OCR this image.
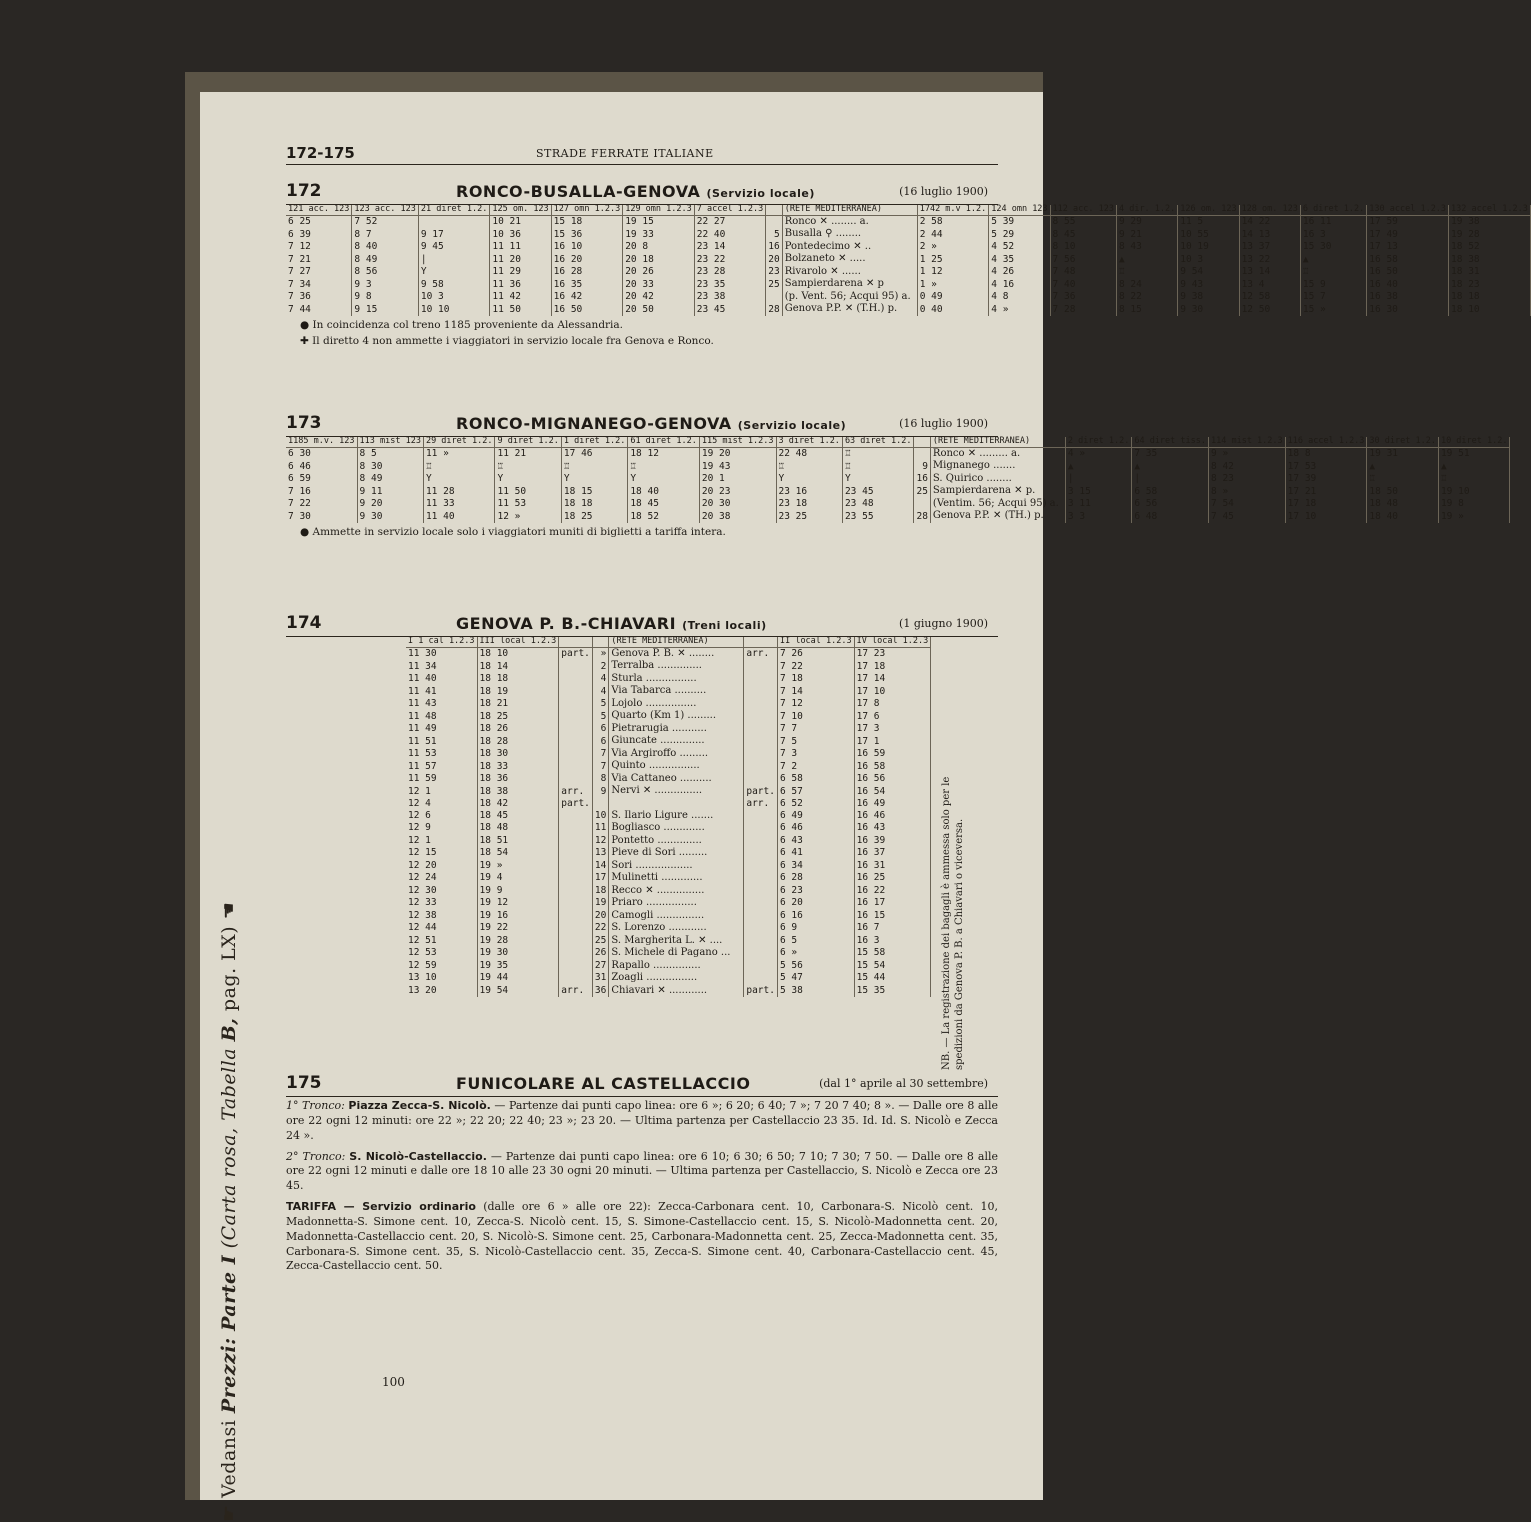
☛ Vedansi Prezzi: Parte I (Carta rosa, Tabella B, pag. LX) ☚
172-175	STRADE FERRATE ITALIANE
172	RONCO-BUSALLA-GENOVA (Servizio locale)	(16 luglio 1900)
121 acc. 123	123 acc. 123	21 diret 1.2.	125 om. 123	127 omn 1.2.3	129 omn 1.2.3	7 accel 1.2.3		(RETE MEDITERRANEA)	1742 m.v 1.2.	124 omn 123	112 acc. 123	4 dir. 1.2.	126 om. 123	128 om. 123	6 diret 1.2.	130 accel 1.2.3	132 accel 1.2.3
6 25	7 52		10 21	15 18	19 15	22 27		Ronco ✕ ........ a.	2 58	5 39	8 55	9 29	11 5	14 22	16 11	17 59	19 38
6 39	8 7	9 17	10 36	15 36	19 33	22 40	5	Busalla ⚲ ........	2 44	5 29	8 45	9 21	10 55	14 13	16 3	17 49	19 28
7 12	8 40	9 45	11 11	16 10	20 8	23 14	16	Pontedecimo ✕ ..	2 »	4 52	8 10	8 43	10 19	13 37	15 30	17 13	18 52
7 21	8 49	|	11 20	16 20	20 18	23 22	20	Bolzaneto ✕ .....	1 25	4 35	7 56	▲	10 3	13 22	▲	16 58	18 38
7 27	8 56	Y	11 29	16 28	20 26	23 28	23	Rivarolo ✕ ......	1 12	4 26	7 48	♖	9 54	13 14	♖	16 50	18 31
7 34	9 3	9 58	11 36	16 35	20 33	23 35	25	Sampierdarena ✕ p	1 »	4 16	7 40	8 24	9 43	13 4	15 9	16 40	18 23
7 36	9 8	10 3	11 42	16 42	20 42	23 38		(p. Vent. 56; Acqui 95) a.	0 49	4 8	7 36	8 22	9 38	12 58	15 7	16 38	18 18
7 44	9 15	10 10	11 50	16 50	20 50	23 45	28	Genova P.P. ✕ (T.H.) p.	0 40	4 »	7 28	8 15	9 30	12 50	15 »	16 30	18 10
● In coincidenza col treno 1185 proveniente da Alessandria.
✚ Il diretto 4 non ammette i viaggiatori in servizio locale fra Genova e Ronco.
173	RONCO-MIGNANEGO-GENOVA (Servizio locale)	(16 luglio 1900)
1185 m.v. 123	113 mist 123	29 diret 1.2.	9 diret 1.2.	1 diret 1.2.	61 diret 1.2.	115 mist 1.2.3	3 diret 1.2.	63 diret 1.2.		(RETE MEDITERRANEA)	2 diret 1.2.	64 diret tiss.	114 mist 1.2.3	116 accel 1.2.3	30 diret 1.2.	10 diret 1.2.
6 30	8 5	11 »	11 21	17 46	18 12	19 20	22 48	♖		Ronco ✕ ......... a.	4 »	7 35	9 »	18 8	19 31	19 51
6 46	8 30	♖	♖	♖	♖	19 43	♖	♖	9	Mignanego .......	▲	▲	8 42	17 53	▲	▲
6 59	8 49	Y	Y	Y	Y	20 1	Y	Y	16	S. Quirico ........	|	|	8 23	17 39	♖	♖
7 16	9 11	11 28	11 50	18 15	18 40	20 23	23 16	23 45	25	Sampierdarena ✕ p.	3 15	6 58	8 »	17 21	18 50	19 10
7 22	9 20	11 33	11 53	18 18	18 45	20 30	23 18	23 48		(Ventim. 56; Acqui 95) a.	3 11	6 56	7 54	17 18	18 48	19 8
7 30	9 30	11 40	12 »	18 25	18 52	20 38	23 25	23 55	28	Genova P.P. ✕ (TH.) p.	3 3	6 48	7 45	17 10	18 40	19 »
● Ammette in servizio locale solo i viaggiatori muniti di biglietti a tariffa intera.
174	GENOVA P. B.-CHIAVARI (Treni locali)	(1 giugno 1900)
I 1 cal 1.2.3	III local 1.2.3			(RETE MEDITERRANEA)		II local 1.2.3	IV local 1.2.3
11 30	18 10	part.	»	Genova P. B. ✕ ........	arr.	7 26	17 23
11 34	18 14		2	Terralba ..............		7 22	17 18
11 40	18 18		4	Sturla ................		7 18	17 14
11 41	18 19		4	Via Tabarca ..........		7 14	17 10
11 43	18 21		5	Lojolo ................		7 12	17 8
11 48	18 25		5	Quarto (Km 1) .........		7 10	17 6
11 49	18 26		6	Pietrarugia ...........		7 7	17 3
11 51	18 28		6	Giuncate ..............		7 5	17 1
11 53	18 30		7	Via Argiroffo .........		7 3	16 59
11 57	18 33		7	Quinto ................		7 2	16 58
11 59	18 36		8	Via Cattaneo ..........		6 58	16 56
12 1	18 38	arr.	9	Nervi ✕ ...............	part.	6 57	16 54
12 4	18 42	part.			arr.	6 52	16 49
12 6	18 45		10	S. Ilario Ligure .......		6 49	16 46
12 9	18 48		11	Bogliasco .............		6 46	16 43
12 1	18 51		12	Pontetto ..............		6 43	16 39
12 15	18 54		13	Pieve di Sori .........		6 41	16 37
12 20	19 »		14	Sori ..................		6 34	16 31
12 24	19 4		17	Mulinetti .............		6 28	16 25
12 30	19 9		18	Recco ✕ ...............		6 23	16 22
12 33	19 12		19	Priaro ................		6 20	16 17
12 38	19 16		20	Camogli ...............		6 16	16 15
12 44	19 22		22	S. Lorenzo ............		6 9	16 7
12 51	19 28		25	S. Margherita L. ✕ ....		6 5	16 3
12 53	19 30		26	S. Michele di Pagano ...		6 »	15 58
12 59	19 35		27	Rapallo ...............		5 56	15 54
13 10	19 44		31	Zoagli ................		5 47	15 44
13 20	19 54	arr.	36	Chiavari ✕ ............	part.	5 38	15 35	NB. — La registrazione dei bagagli è ammessa solo per le spedizioni da Genova P. B. a Chiavari o viceversa.
175	FUNICOLARE AL CASTELLACCIO	(dal 1° aprile al 30 settembre)

1° Tronco: Piazza Zecca-S. Nicolò. — Partenze dai punti capo linea: ore 6 »; 6 20; 6 40; 7 »; 7 20 7 40; 8 ». — Dalle ore 8 alle ore 22 ogni 12 minuti: ore 22 »; 22 20; 22 40; 23 »; 23 20. — Ultima partenza per Castellaccio 23 35. Id. Id. S. Nicolò e Zecca 24 ».

2° Tronco: S. Nicolò-Castellaccio. — Partenze dai punti capo linea: ore 6 10; 6 30; 6 50; 7 10; 7 30; 7 50. — Dalle ore 8 alle ore 22 ogni 12 minuti e dalle ore 18 10 alle 23 30 ogni 20 minuti. — Ultima partenza per Castellaccio, S. Nicolò e Zecca ore 23 45.

TARIFFA — Servizio ordinario (dalle ore 6 » alle ore 22): Zecca-Carbonara cent. 10, Carbonara-S. Nicolò cent. 10, Madonnetta-S. Simone cent. 10, Zecca-S. Nicolò cent. 15, S. Simone-Castellaccio cent. 15, S. Nicolò-Madonnetta cent. 20, Madonnetta-Castellaccio cent. 20, S. Nicolò-S. Simone cent. 25, Carbonara-Madonnetta cent. 25, Zecca-Madonnetta cent. 35, Carbonara-S. Simone cent. 35, S. Nicolò-Castellaccio cent. 35, Zecca-S. Simone cent. 40, Carbonara-Castellaccio cent. 45, Zecca-Castellaccio cent. 50.

100
